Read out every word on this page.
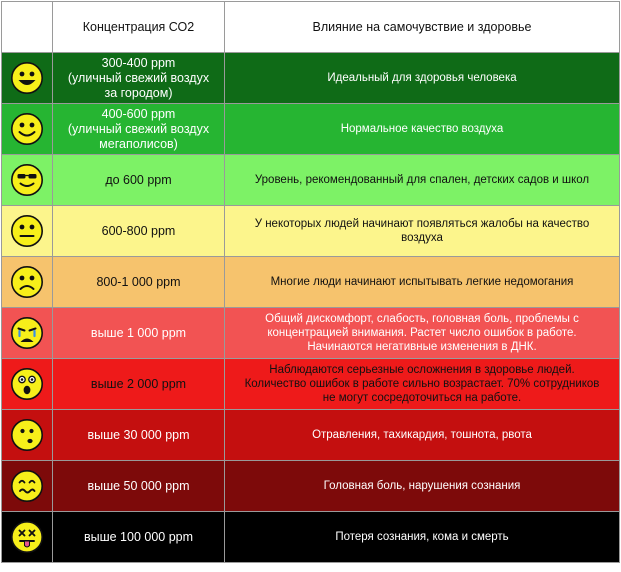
	Концентрация СО2	Влияние на самочувствие и здоровье

	300-400 ppm
(уличный свежий воздух
за городом)	Идеальный для здоровья человека

	400-600 ppm
(уличный свежий воздух
мегаполисов)	Нормальное качество воздуха

	до 600 ppm	Уровень, рекомендованный для спален, детских садов и школ

	600-800 ppm	У некоторых людей начинают появляться жалобы на качество
воздуха

	800-1 000 ppm	Многие люди начинают испытывать легкие недомогания

	выше 1 000 ppm	Общий дискомфорт, слабость, головная боль, проблемы с
концентрацией внимания. Растет число ошибок в работе.
Начинаются негативные изменения в ДНК.

	выше 2 000 ppm	Наблюдаются серьезные осложнения в здоровье людей.
Количество ошибок в работе сильно возрастает. 70% сотрудников
не могут сосредоточиться на работе.

	выше 30 000 ppm	Отравления, тахикардия, тошнота, рвота

	выше 50 000 ppm	Головная боль, нарушения сознания

	выше 100 000 ppm	Потеря сознания, кома и смерть
